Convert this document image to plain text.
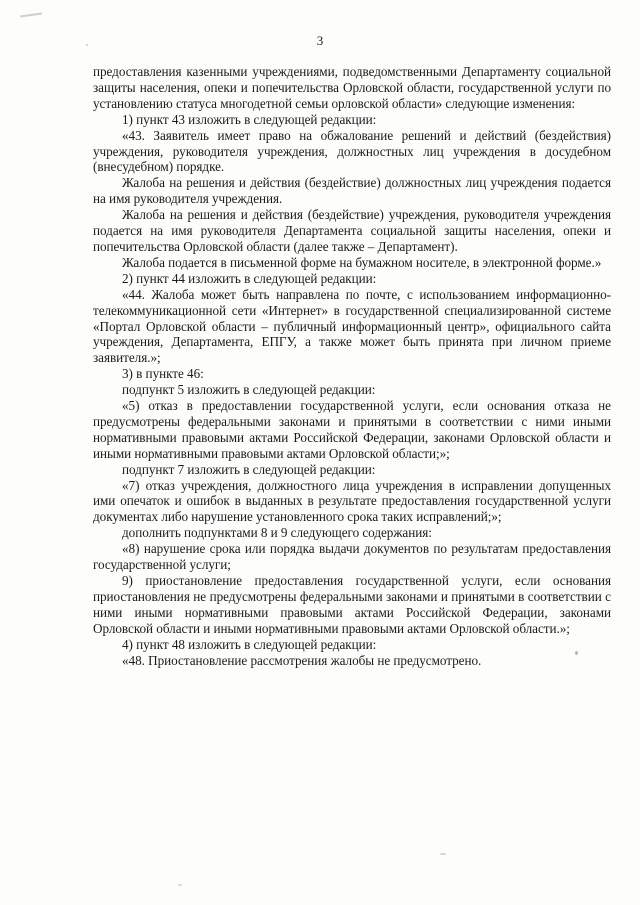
3

предоставления казенными учреждениями, подведомственными Департаменту социальной защиты населения, опеки и попечительства Орловской области, государственной услуги по установлению статуса многодетной семьи орловской области» следующие изменения:

1) пункт 43 изложить в следующей редакции:

«43. Заявитель имеет право на обжалование решений и действий (бездействия) учреждения, руководителя учреждения, должностных лиц учреждения в досудебном (внесудебном) порядке.

Жалоба на решения и действия (бездействие) должностных лиц учреждения подается на имя руководителя учреждения.

Жалоба на решения и действия (бездействие) учреждения, руководителя учреждения подается на имя руководителя Департамента социальной защиты населения, опеки и попечительства Орловской области (далее также – Департамент).

Жалоба подается в письменной форме на бумажном носителе, в электронной форме.»

2) пункт 44 изложить в следующей редакции:

«44. Жалоба может быть направлена по почте, с использованием информационно-телекоммуникационной сети «Интернет» в государственной специализированной системе «Портал Орловской области – публичный информационный центр», официального сайта учреждения, Департамента, ЕПГУ, а также может быть принята при личном приеме заявителя.»;

3) в пункте 46:

подпункт 5 изложить в следующей редакции:

«5) отказ в предоставлении государственной услуги, если основания отказа не предусмотрены федеральными законами и принятыми в соответствии с ними иными нормативными правовыми актами Российской Федерации, законами Орловской области и иными нормативными правовыми актами Орловской области;»;

подпункт 7 изложить в следующей редакции:

«7) отказ учреждения, должностного лица учреждения в исправлении допущенных ими опечаток и ошибок в выданных в результате предоставления государственной услуги документах либо нарушение установленного срока таких исправлений;»;

дополнить подпунктами 8 и 9 следующего содержания:

«8) нарушение срока или порядка выдачи документов по результатам предоставления государственной услуги;

9) приостановление предоставления государственной услуги, если основания приостановления не предусмотрены федеральными законами и принятыми в соответствии с ними иными нормативными правовыми актами Российской Федерации, законами Орловской области и иными нормативными правовыми актами Орловской области.»;

4) пункт 48 изложить в следующей редакции:

«48. Приостановление рассмотрения жалобы не предусмотрено.
